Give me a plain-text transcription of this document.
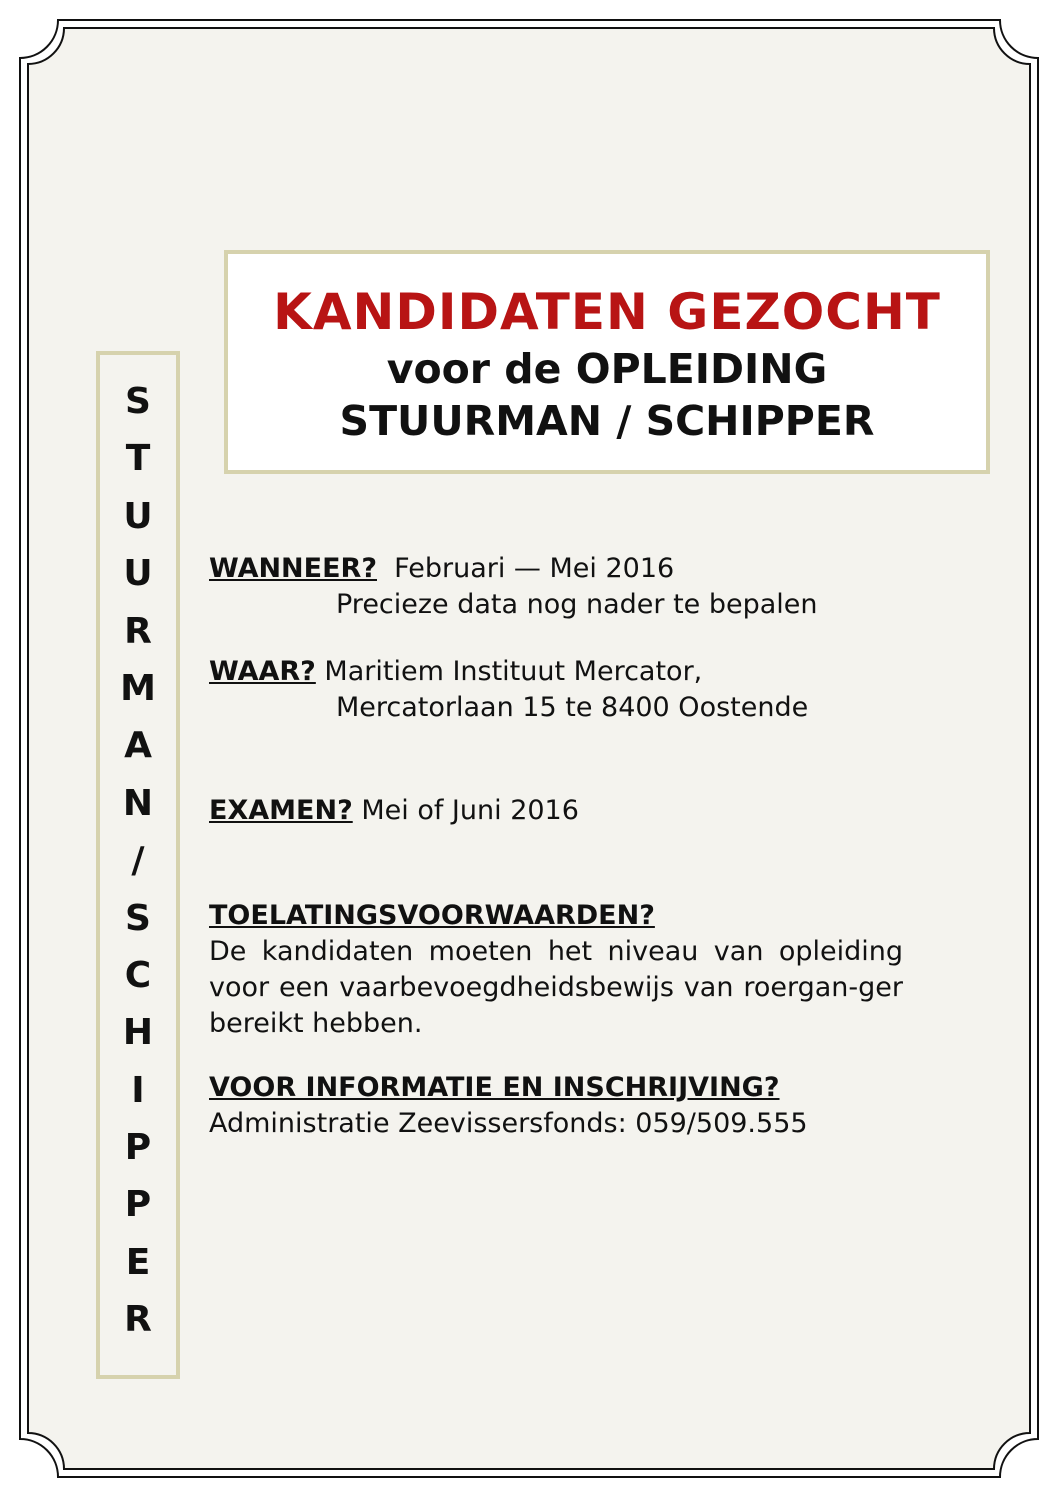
S
T
U
U
R
M
A
N
/
S
C
H
I
P
P
E
R
KANDIDATEN GEZOCHT
voor de OPLEIDING
STUURMAN / SCHIPPER
WANNEER? Februari — Mei 2016
Precieze data nog nader te bepalen
WAAR? Maritiem Instituut Mercator,
Mercatorlaan 15 te 8400 Oostende
EXAMEN? Mei of Juni 2016
TOELATINGSVOORWAARDEN?
De kandidaten moeten het niveau van opleiding voor een vaarbevoegdheidsbewijs van roergan-ger bereikt hebben.
VOOR INFORMATIE EN INSCHRIJVING?
Administratie Zeevissersfonds: 059/509.555
